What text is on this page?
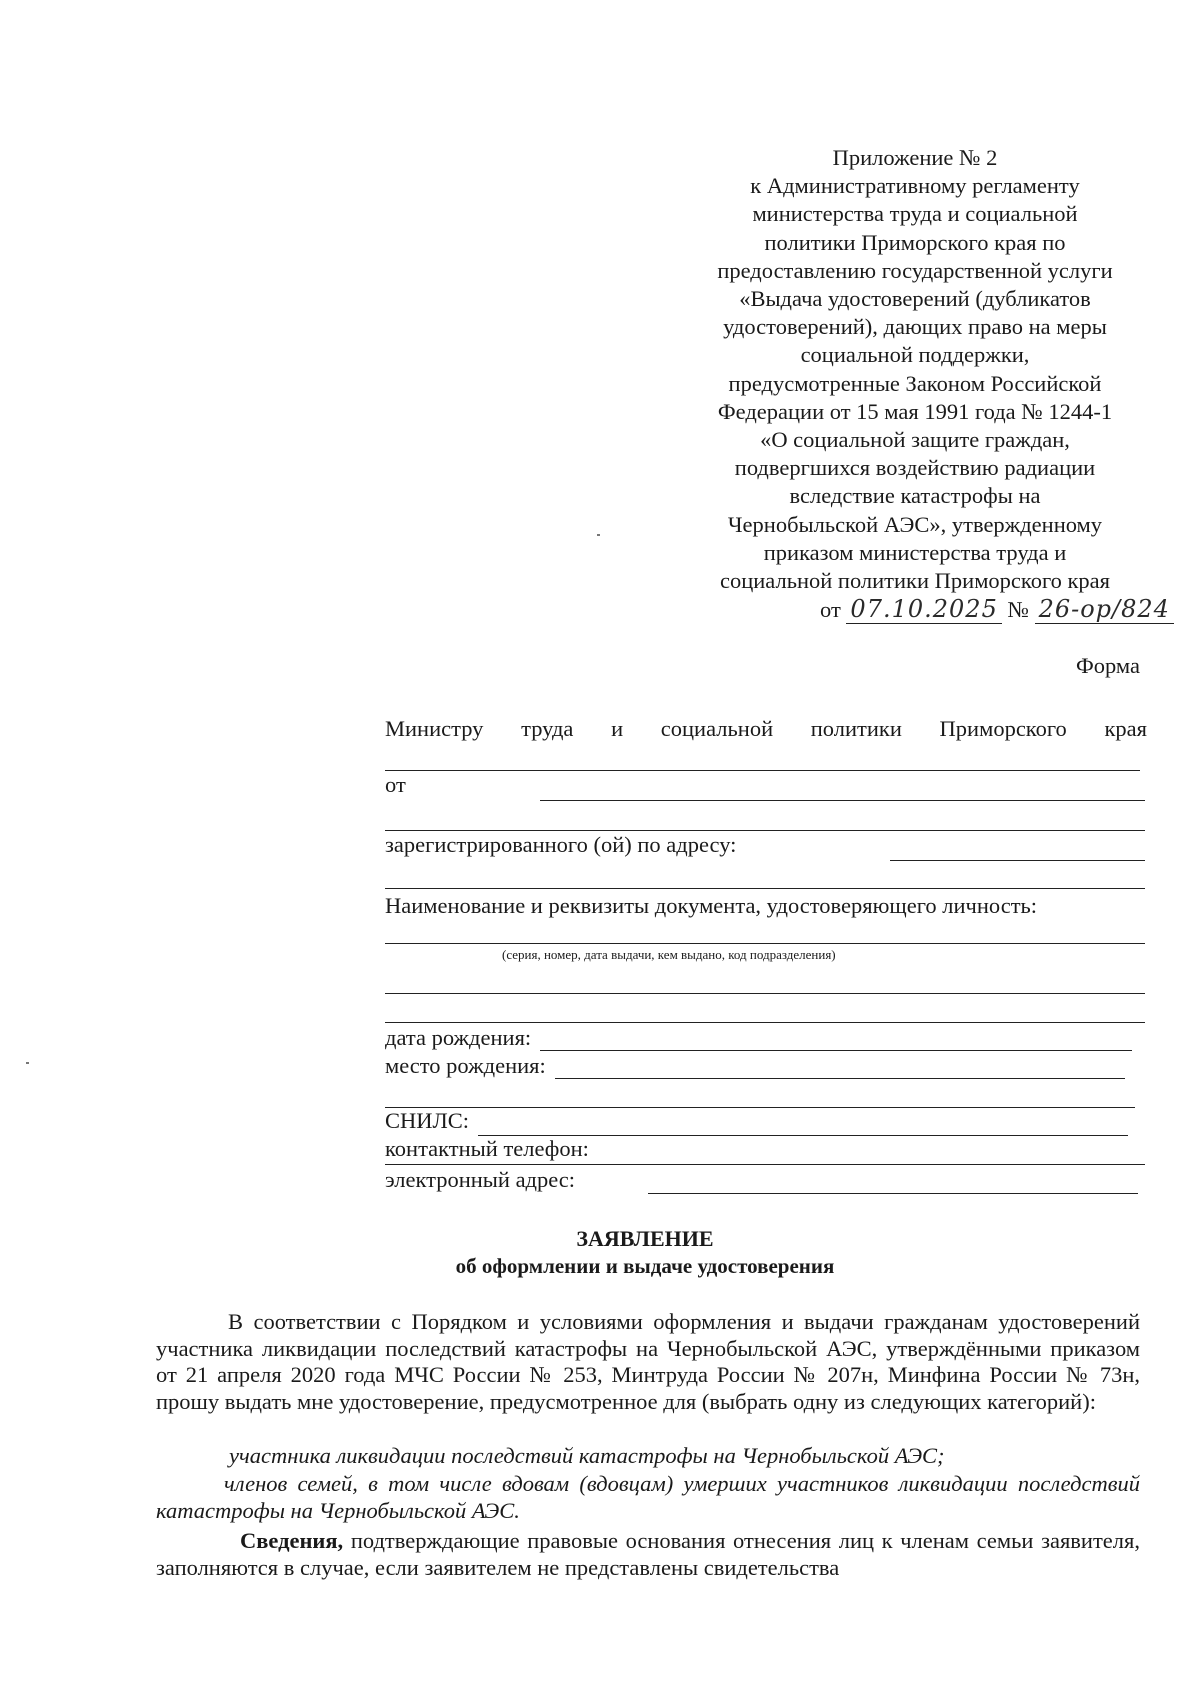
Приложение № 2
к Административному регламенту
министерства труда и социальной
политики Приморского края по
предоставлению государственной услуги
«Выдача удостоверений (дубликатов
удостоверений), дающих право на меры
социальной поддержки,
предусмотренные Законом Российской
Федерации от 15 мая 1991 года № 1244-1
«О социальной защите граждан,
подвергшихся воздействию радиации
вследствие катастрофы на
Чернобыльской АЭС», утвержденному
приказом министерства труда и
социальной политики Приморского края
от 07.10.2025 № 26-ор/824
Форма
Министру труда и социальной политики Приморского края
от
зарегистрированного (ой) по адресу:
Наименование и реквизиты документа, удостоверяющего личность:
(серия, номер, дата выдачи, кем выдано, код подразделения)
дата рождения:
место рождения:
СНИЛС:
контактный телефон:
электронный адрес:
ЗАЯВЛЕНИЕ
об оформлении и выдаче удостоверения
В соответствии с Порядком и условиями оформления и выдачи гражданам удостоверений участника ликвидации последствий катастрофы на Чернобыльской АЭС, утверждёнными приказом от 21 апреля 2020 года МЧС России № 253, Минтруда России № 207н, Минфина России № 73н, прошу выдать мне удостоверение, предусмотренное для (выбрать одну из следующих категорий):
участника ликвидации последствий катастрофы на Чернобыльской АЭС;
членов семей, в том числе вдовам (вдовцам) умерших участников ликвидации последствий катастрофы на Чернобыльской АЭС.
Сведения, подтверждающие правовые основания отнесения лиц к членам семьи заявителя, заполняются в случае, если заявителем не представлены свидетельства
